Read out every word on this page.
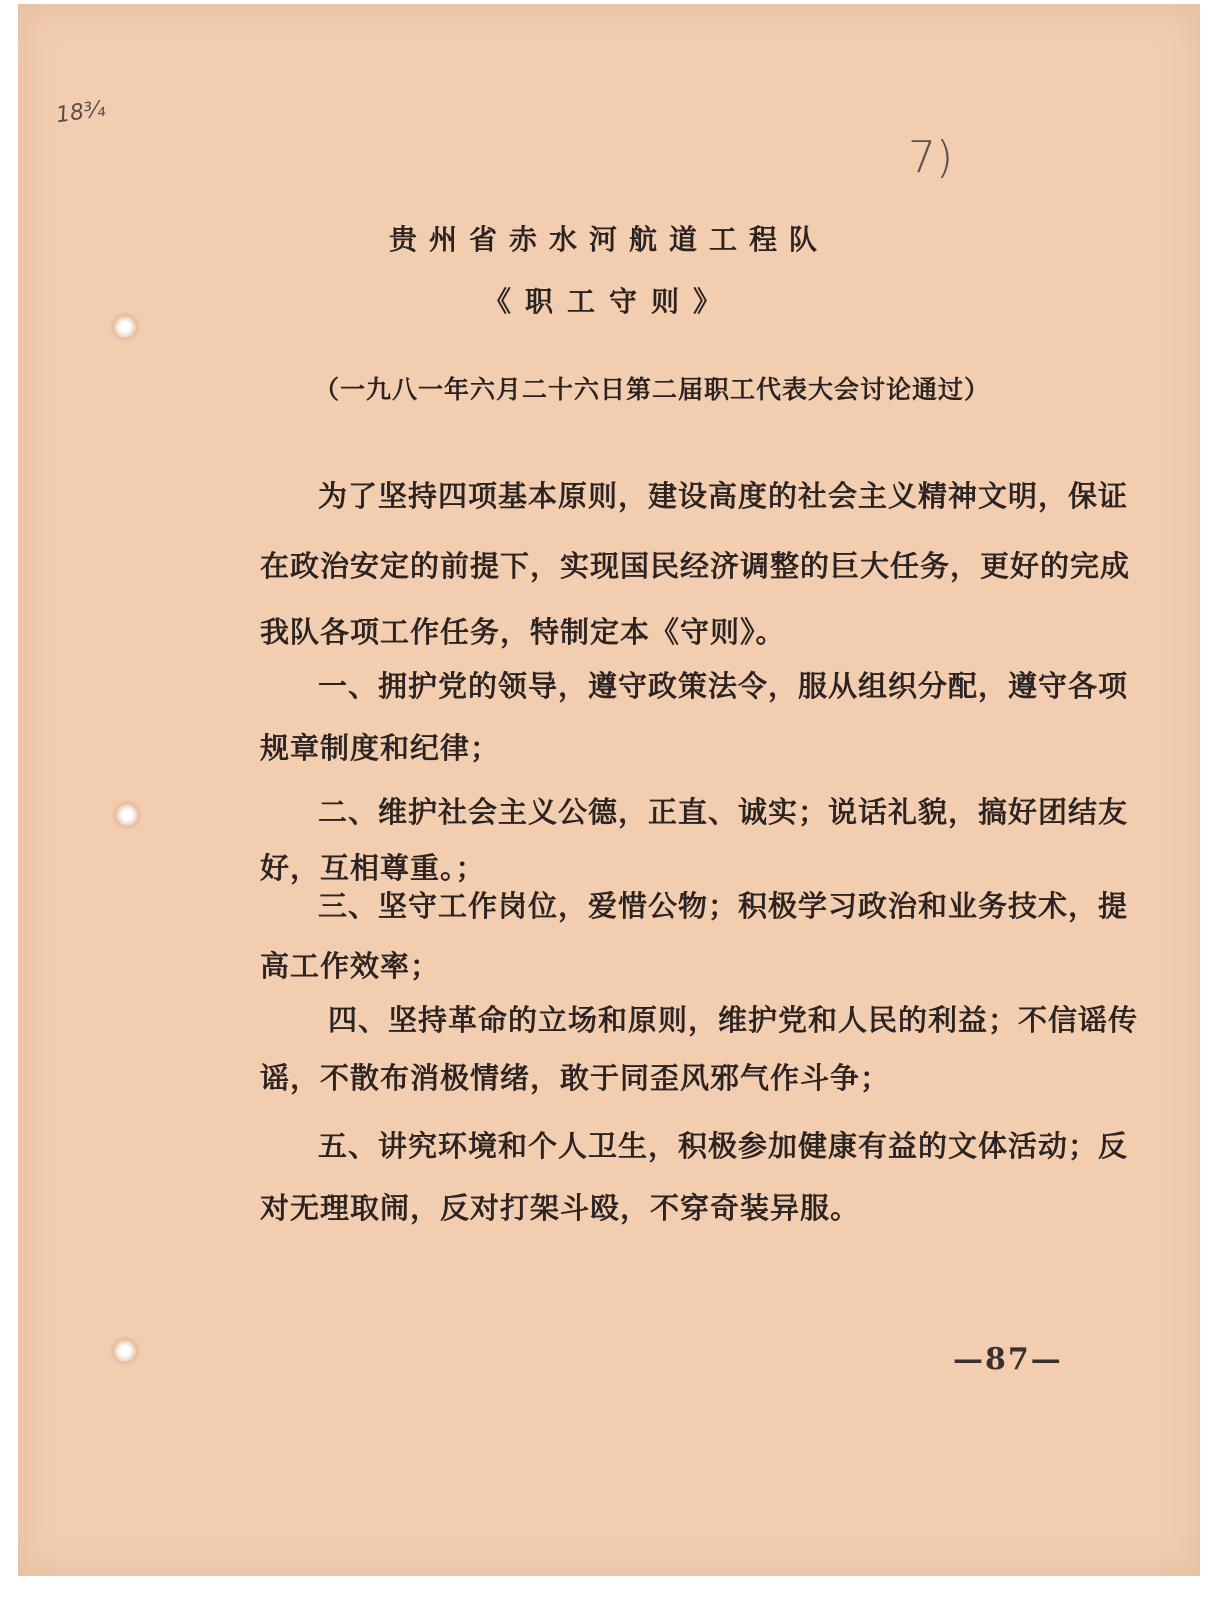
18¾
7)
贵州省赤水河航道工程队
《职工守则》
（一九八一年六月二十六日第二届职工代表大会讨论通过）
为了坚持四项基本原则，建设高度的社会主义精神文明，保证
在政治安定的前提下，实现国民经济调整的巨大任务，更好的完成
我队各项工作任务，特制定本《守则》。
一、拥护党的领导，遵守政策法令，服从组织分配，遵守各项
规章制度和纪律；
二、维护社会主义公德，正直、诚实；说话礼貌，搞好团结友
好，互相尊重。；
三、坚守工作岗位，爱惜公物；积极学习政治和业务技术，提
高工作效率；
四、坚持革命的立场和原则，维护党和人民的利益；不信谣传
谣，不散布消极情绪，敢于同歪风邪气作斗争；
五、讲究环境和个人卫生，积极参加健康有益的文体活动；反
对无理取闹，反对打架斗殴，不穿奇装异服。
—87—
